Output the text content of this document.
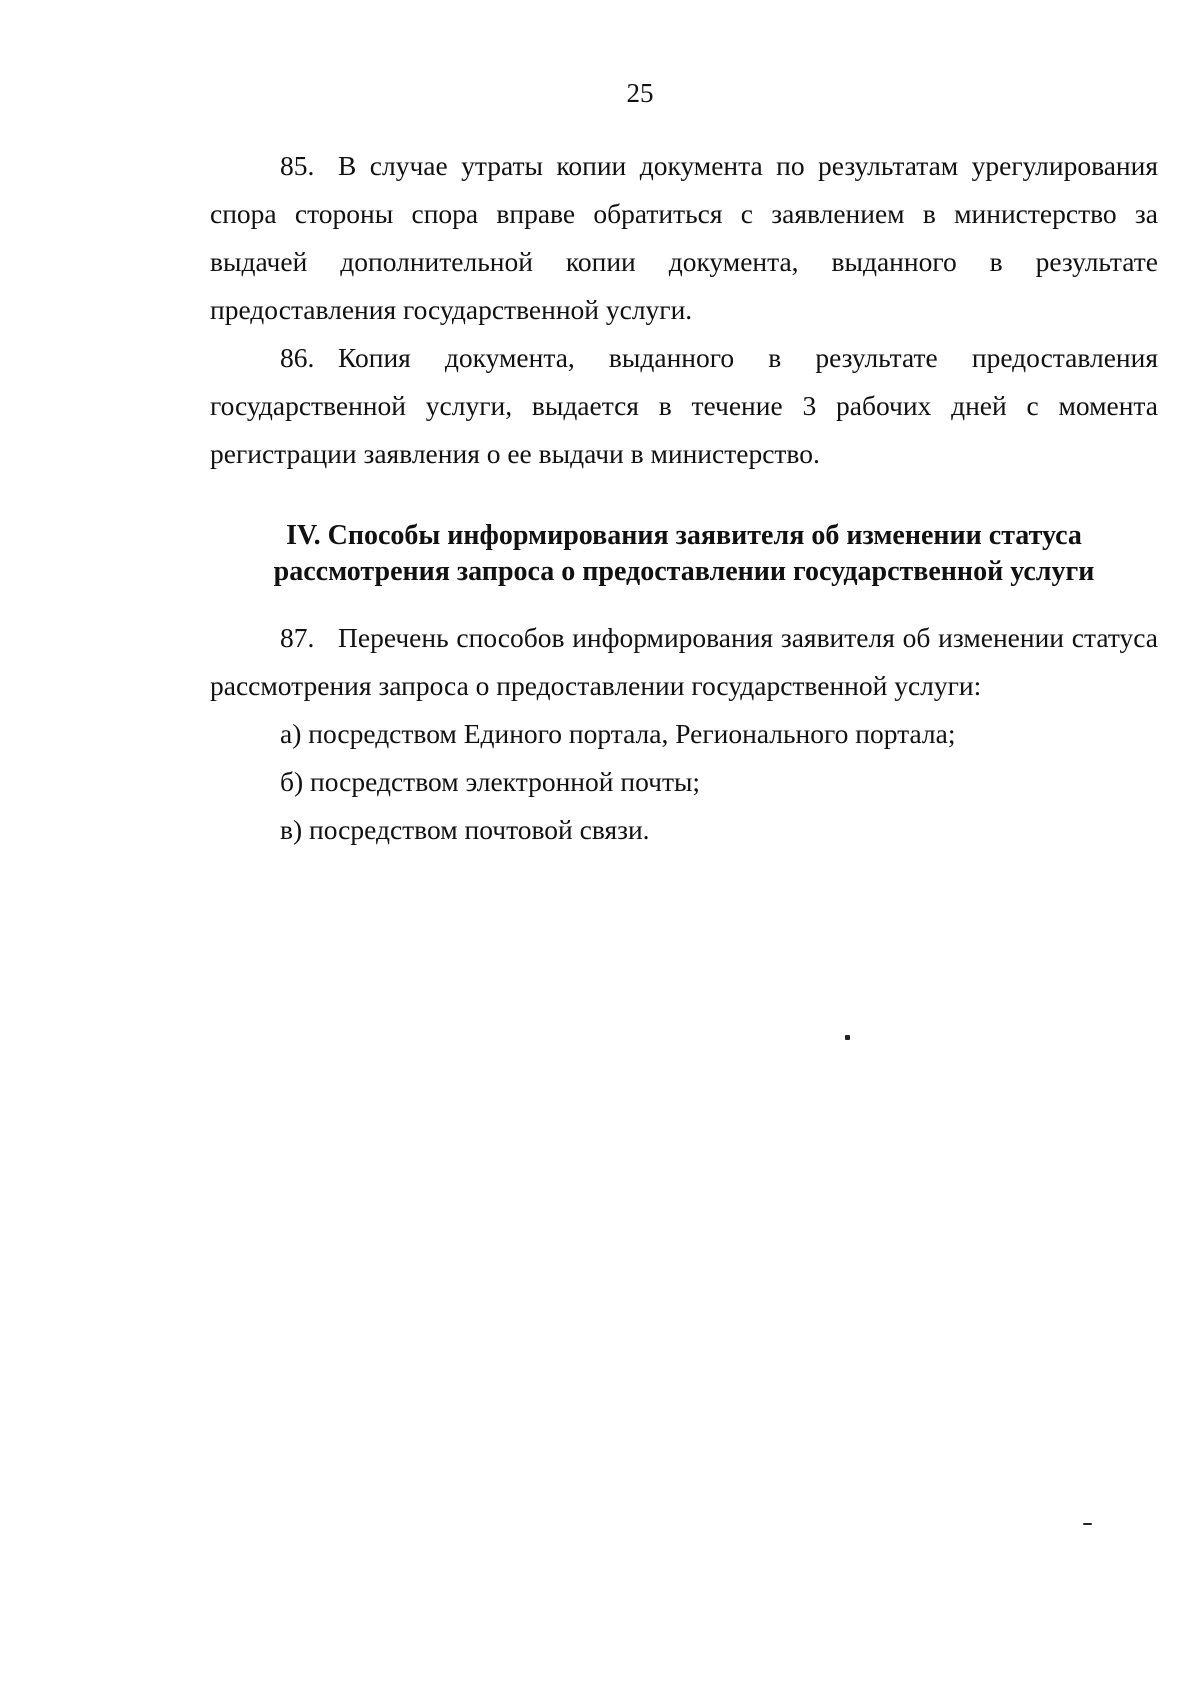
25

85. В случае утраты копии документа по результатам урегулирования спора стороны спора вправе обратиться с заявлением в министерство за выдачей дополнительной копии документа, выданного в результате предоставления государственной услуги.

86. Копия документа, выданного в результате предоставления государственной услуги, выдается в течение 3 рабочих дней с момента регистрации заявления о ее выдачи в министерство.

IV. Способы информирования заявителя об изменении статуса
рассмотрения запроса о предоставлении государственной услуги

87. Перечень способов информирования заявителя об изменении статуса рассмотрения запроса о предоставлении государственной услуги:

а) посредством Единого портала, Регионального портала;

б) посредством электронной почты;

в) посредством почтовой связи.
